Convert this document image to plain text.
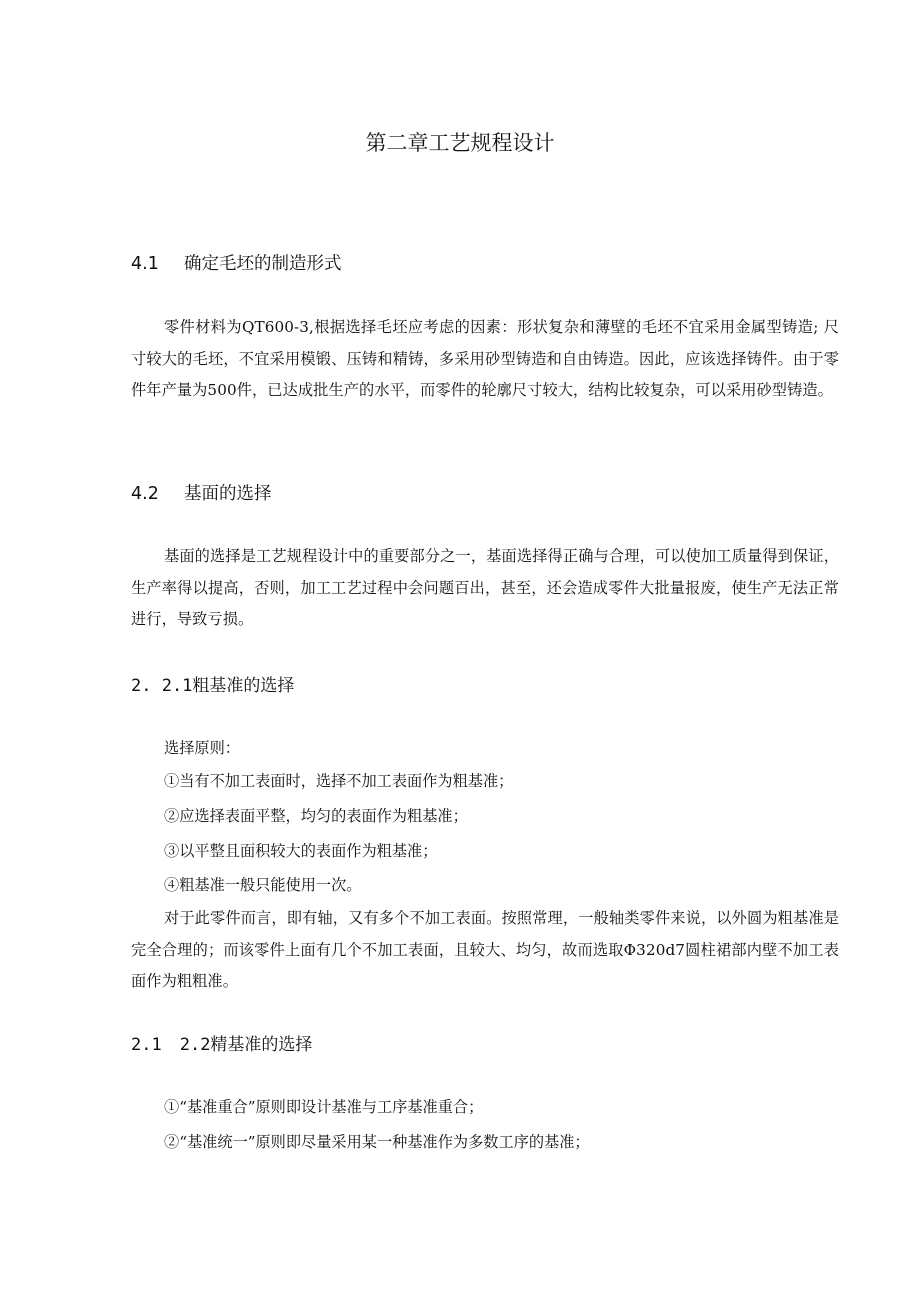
第二章工艺规程设计
4.1 确定毛坯的制造形式
零件材料为QT600-3,根据选择毛坯应考虑的因素：形状复杂和薄壁的毛坯不宜采用金属型铸造; 尺寸较大的毛坯，不宜采用模锻、压铸和精铸，多采用砂型铸造和自由铸造。因此，应该选择铸件。由于零件年产量为500件，已达成批生产的水平，而零件的轮廓尺寸较大，结构比较复杂，可以采用砂型铸造。
4.2 基面的选择
基面的选择是工艺规程设计中的重要部分之一，基面选择得正确与合理，可以使加工质量得到保证，生产率得以提高，否则，加工工艺过程中会问题百出，甚至，还会造成零件大批量报废，使生产无法正常进行，导致亏损。
2. 2.1粗基准的选择
选择原则：
①当有不加工表面时，选择不加工表面作为粗基准；
②应选择表面平整，均匀的表面作为粗基准；
③以平整且面积较大的表面作为粗基准；
④粗基准一般只能使用一次。
对于此零件而言，即有轴，又有多个不加工表面。按照常理，一般轴类零件来说，以外圆为粗基准是完全合理的；而该零件上面有几个不加工表面，且较大、均匀，故而选取Φ320d7圆柱裙部内壁不加工表面作为粗粗准。
2.1 2.2精基准的选择
①“基准重合”原则即设计基准与工序基准重合；
②“基准统一”原则即尽量采用某一种基准作为多数工序的基准；
